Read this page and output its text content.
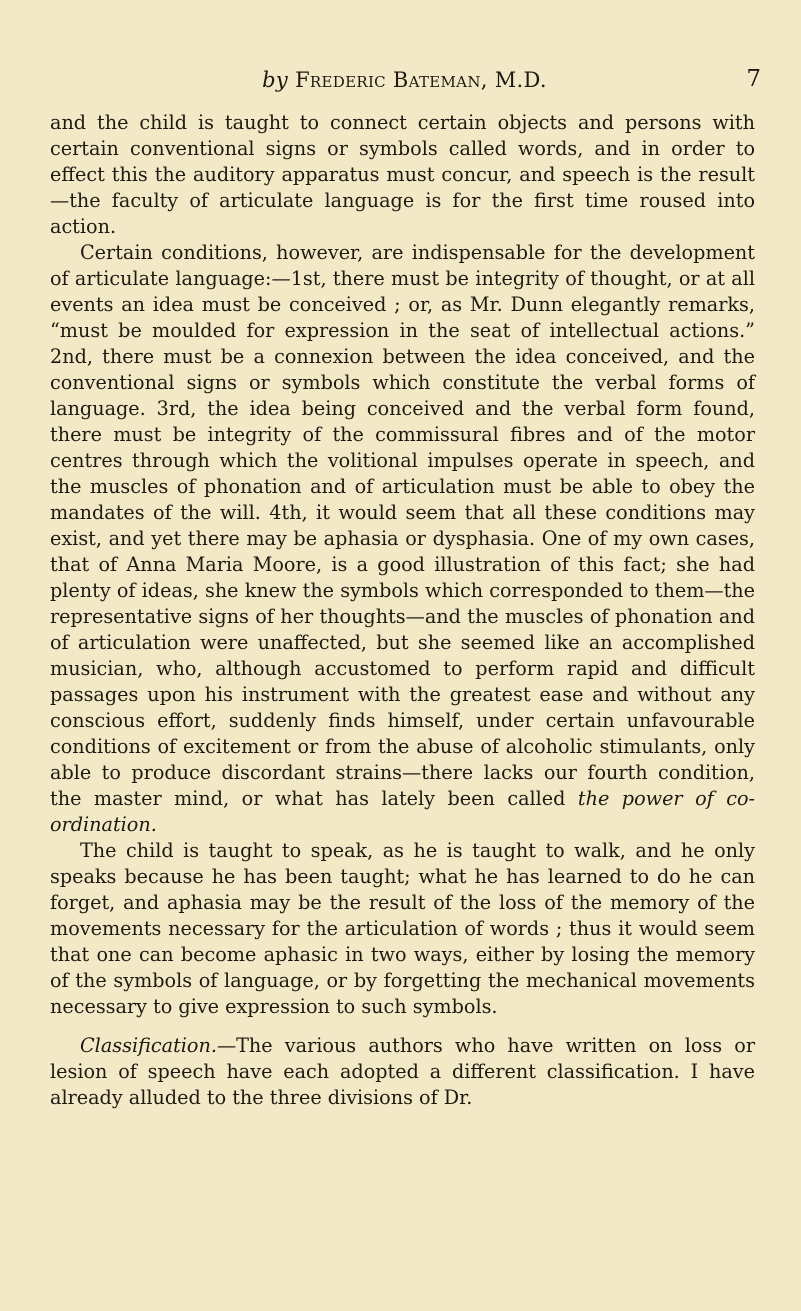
by Frederic Bateman, M.D.	7

and the child is taught to connect certain objects and persons with certain conventional signs or symbols called words, and in order to effect this the auditory apparatus must concur, and speech is the result—the faculty of articulate language is for the first time roused into action.

Certain conditions, however, are indispensable for the development of articulate language:—1st, there must be integrity of thought, or at all events an idea must be conceived ; or, as Mr. Dunn elegantly remarks, “must be moulded for expression in the seat of intellectual actions.” 2nd, there must be a connexion between the idea conceived, and the conventional signs or symbols which constitute the verbal forms of language. 3rd, the idea being conceived and the verbal form found, there must be integrity of the commissural fibres and of the motor centres through which the volitional impulses operate in speech, and the muscles of phonation and of articulation must be able to obey the mandates of the will. 4th, it would seem that all these conditions may exist, and yet there may be aphasia or dysphasia. One of my own cases, that of Anna Maria Moore, is a good illustration of this fact; she had plenty of ideas, she knew the symbols which corresponded to them—the representative signs of her thoughts—and the muscles of phonation and of articulation were unaffected, but she seemed like an accomplished musician, who, although accustomed to perform rapid and difficult passages upon his instrument with the greatest ease and without any conscious effort, suddenly finds himself, under certain unfavourable conditions of excitement or from the abuse of alcoholic stimulants, only able to produce discordant strains—there lacks our fourth condition, the master mind, or what has lately been called the power of co-ordination.

The child is taught to speak, as he is taught to walk, and he only speaks because he has been taught; what he has learned to do he can forget, and aphasia may be the result of the loss of the memory of the movements necessary for the articulation of words ; thus it would seem that one can become aphasic in two ways, either by losing the memory of the symbols of language, or by forgetting the mechanical movements necessary to give expression to such symbols.

Classification.—The various authors who have written on loss or lesion of speech have each adopted a different classification. I have already alluded to the three divisions of Dr.
